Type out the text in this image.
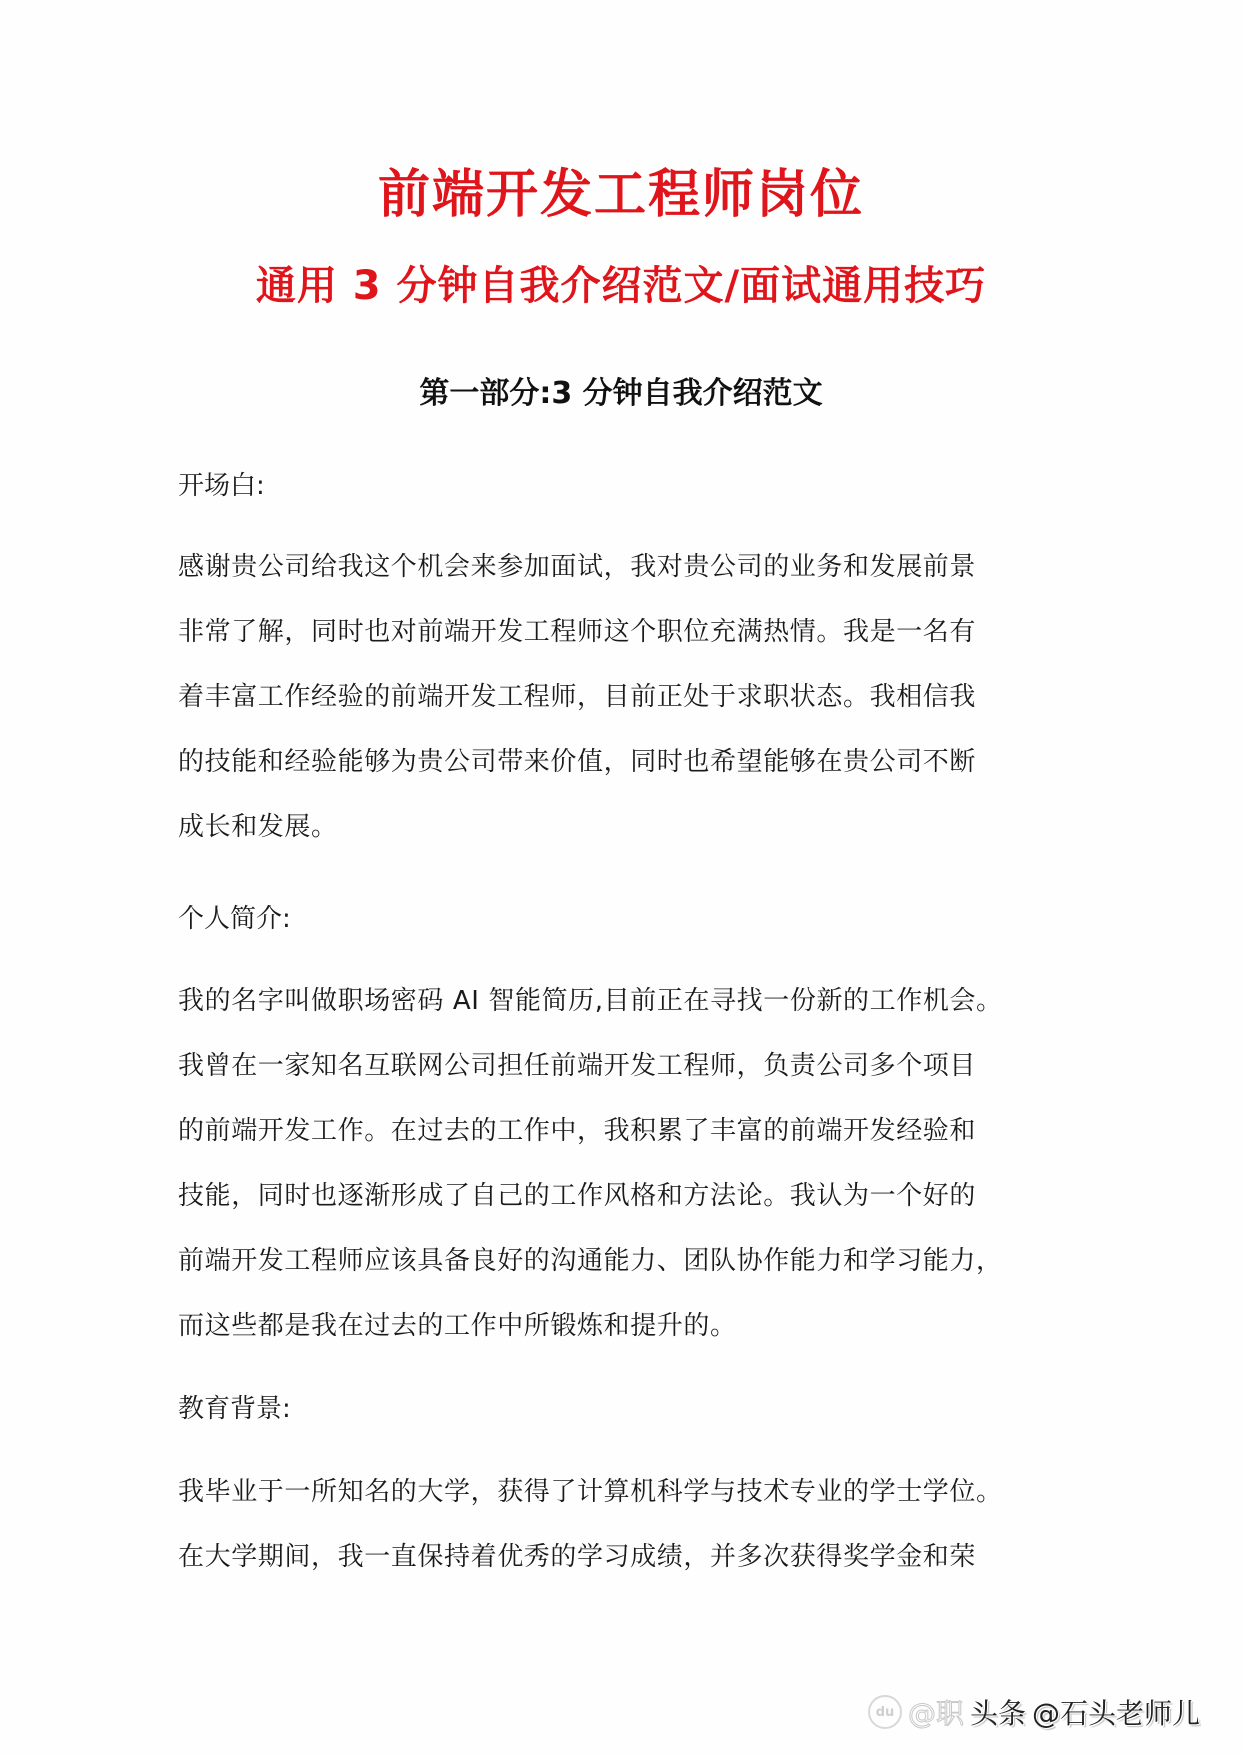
前端开发工程师岗位
通用 3 分钟自我介绍范文/面试通用技巧
第一部分:3 分钟自我介绍范文
开场白:
感谢贵公司给我这个机会来参加面试，我对贵公司的业务和发展前景
非常了解，同时也对前端开发工程师这个职位充满热情。我是一名有
着丰富工作经验的前端开发工程师，目前正处于求职状态。我相信我
的技能和经验能够为贵公司带来价值，同时也希望能够在贵公司不断
成长和发展。
个人简介:
我的名字叫做职场密码 AI 智能简历,目前正在寻找一份新的工作机会。
我曾在一家知名互联网公司担任前端开发工程师，负责公司多个项目
的前端开发工作。在过去的工作中，我积累了丰富的前端开发经验和
技能，同时也逐渐形成了自己的工作风格和方法论。我认为一个好的
前端开发工程师应该具备良好的沟通能力、团队协作能力和学习能力，
而这些都是我在过去的工作中所锻炼和提升的。
教育背景:
我毕业于一所知名的大学，获得了计算机科学与技术专业的学士学位。
在大学期间，我一直保持着优秀的学习成绩，并多次获得奖学金和荣
du @职 头条 @石头老师儿
